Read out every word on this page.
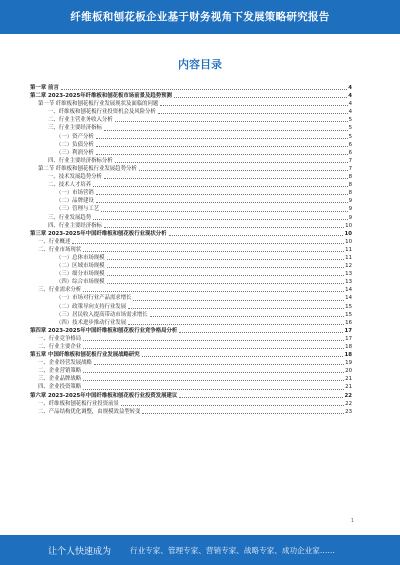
纤维板和刨花板企业基于财务视角下发展策略研究报告
内容目录
第一章 前言	4
第二章 2023-2025年纤维板和刨花板市场前景及趋势预测	4
第一节 纤维板和刨花板行业发展现状及面临的问题	4
一、纤维板和刨花板行业投资机会及风险分析	4
二、行业主营业务收入分析	5
三、行业主要经济指标	5
（一）资产分析	5
（二）负债分析	6
（三）利润分析	6
四、行业主要经济指标分析	7
第二节 纤维板和刨花板行业发展趋势分析	7
一、技术发展趋势分析	8
二、技术人才培养	8
（一）市场营销	8
（二）品牌建设	9
（三）管理与工艺	9
三、行业发展趋势	9
四、行业主要经济指标	10
第三章 2023-2025年中国纤维板和刨花板行业现状分析	10
一、行业概述	10
二、行业市场现状	11
（一）总体市场规模	11
（二）区域市场规模	12
（三）细分市场规模	13
（四）综合市场规模	13
三、行业需求分析	14
（一）市场对行业产品需求增长	14
（二）政策导向支持行业发展	15
（三）居民收入提高带动市场需求增长	15
（四）技术进步推动行业发展	16
第四章 2023-2025年中国纤维板和刨花板行业竞争格局分析	17
一、行业竞争格局	17
二、行业主要企业	18
第五章 中国纤维板和刨花板行业发展战略研究	18
一、企业经营发展战略	19
二、企业营销策略	20
三、企业品牌战略	21
四、企业投资策略	21
第六章 2023-2025年中国纤维板和刨花板行业投资发展建议	22
一、纤维板和刨花板行业投资前景	22
二、产品结构优化调整，由规模效益型转变	23
1
让个人快速成为 行业专家、管理专家、营销专家、战略专家、成功企业家……
